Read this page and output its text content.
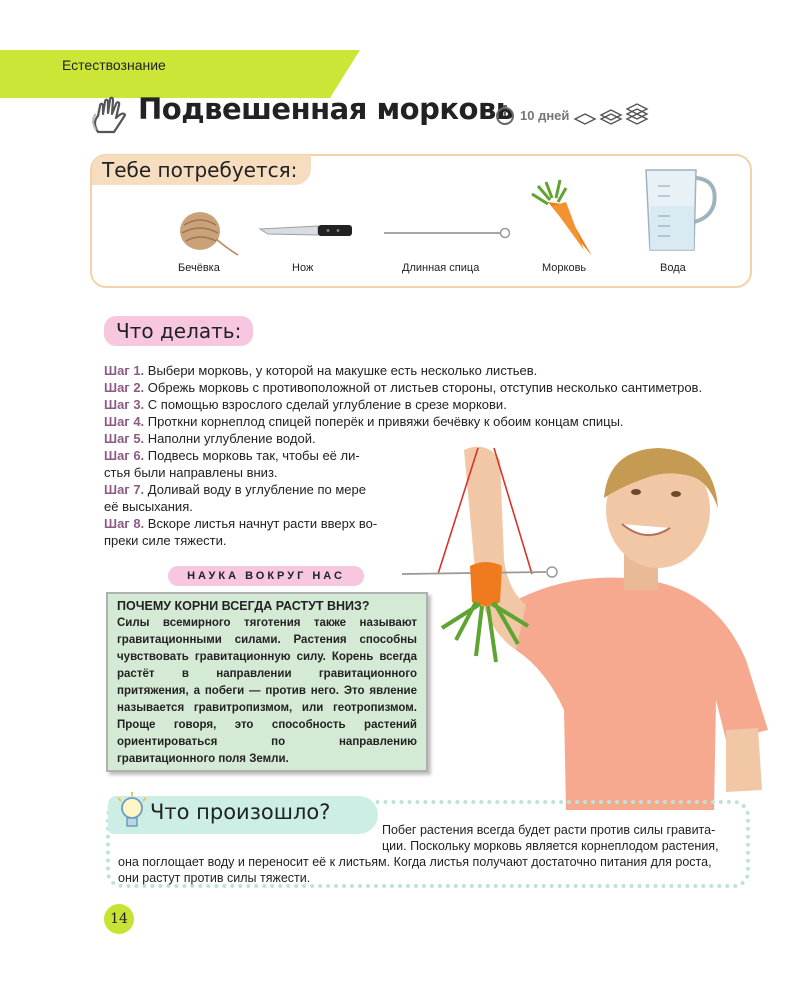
Естествознание
Подвешенная морковь 10 дней
Тебе потребуется:
Бечёвка	Нож	Длинная спица	Морковь	Вода
Что делать:
Шаг 1. Выбери морковь, у которой на макушке есть несколько листьев.
Шаг 2. Обрежь морковь с противоположной от листьев стороны, отступив несколько сантиметров.
Шаг 3. С помощью взрослого сделай углубление в срезе моркови.
Шаг 4. Проткни корнеплод спицей поперёк и привяжи бечёвку к обоим концам спицы.
Шаг 5. Наполни углубление водой.
Шаг 6. Подвесь морковь так, чтобы её ли-
стья были направлены вниз.
Шаг 7. Доливай воду в углубление по мере
её высыхания.
Шаг 8. Вскоре листья начнут расти вверх во-
преки силе тяжести.
НАУКА ВОКРУГ НАС
ПОЧЕМУ КОРНИ ВСЕГДА РАСТУТ ВНИЗ?
Силы всемирного тяготения также называют гравитационными силами. Растения способны чувствовать гравитационную силу. Корень всегда растёт в направлении гравитационного притяжения, а побеги — против него. Это явление называется гравитропизмом, или геотропизмом. Проще говоря, это способность растений ориентироваться по направлению гравитационного поля Земли.
Что произошло?
Побег растения всегда будет расти против силы гравита-
ции. Поскольку морковь является корнеплодом растения,
она поглощает воду и переносит её к листьям. Когда листья получают достаточно питания для роста,
они растут против силы тяжести.
14
